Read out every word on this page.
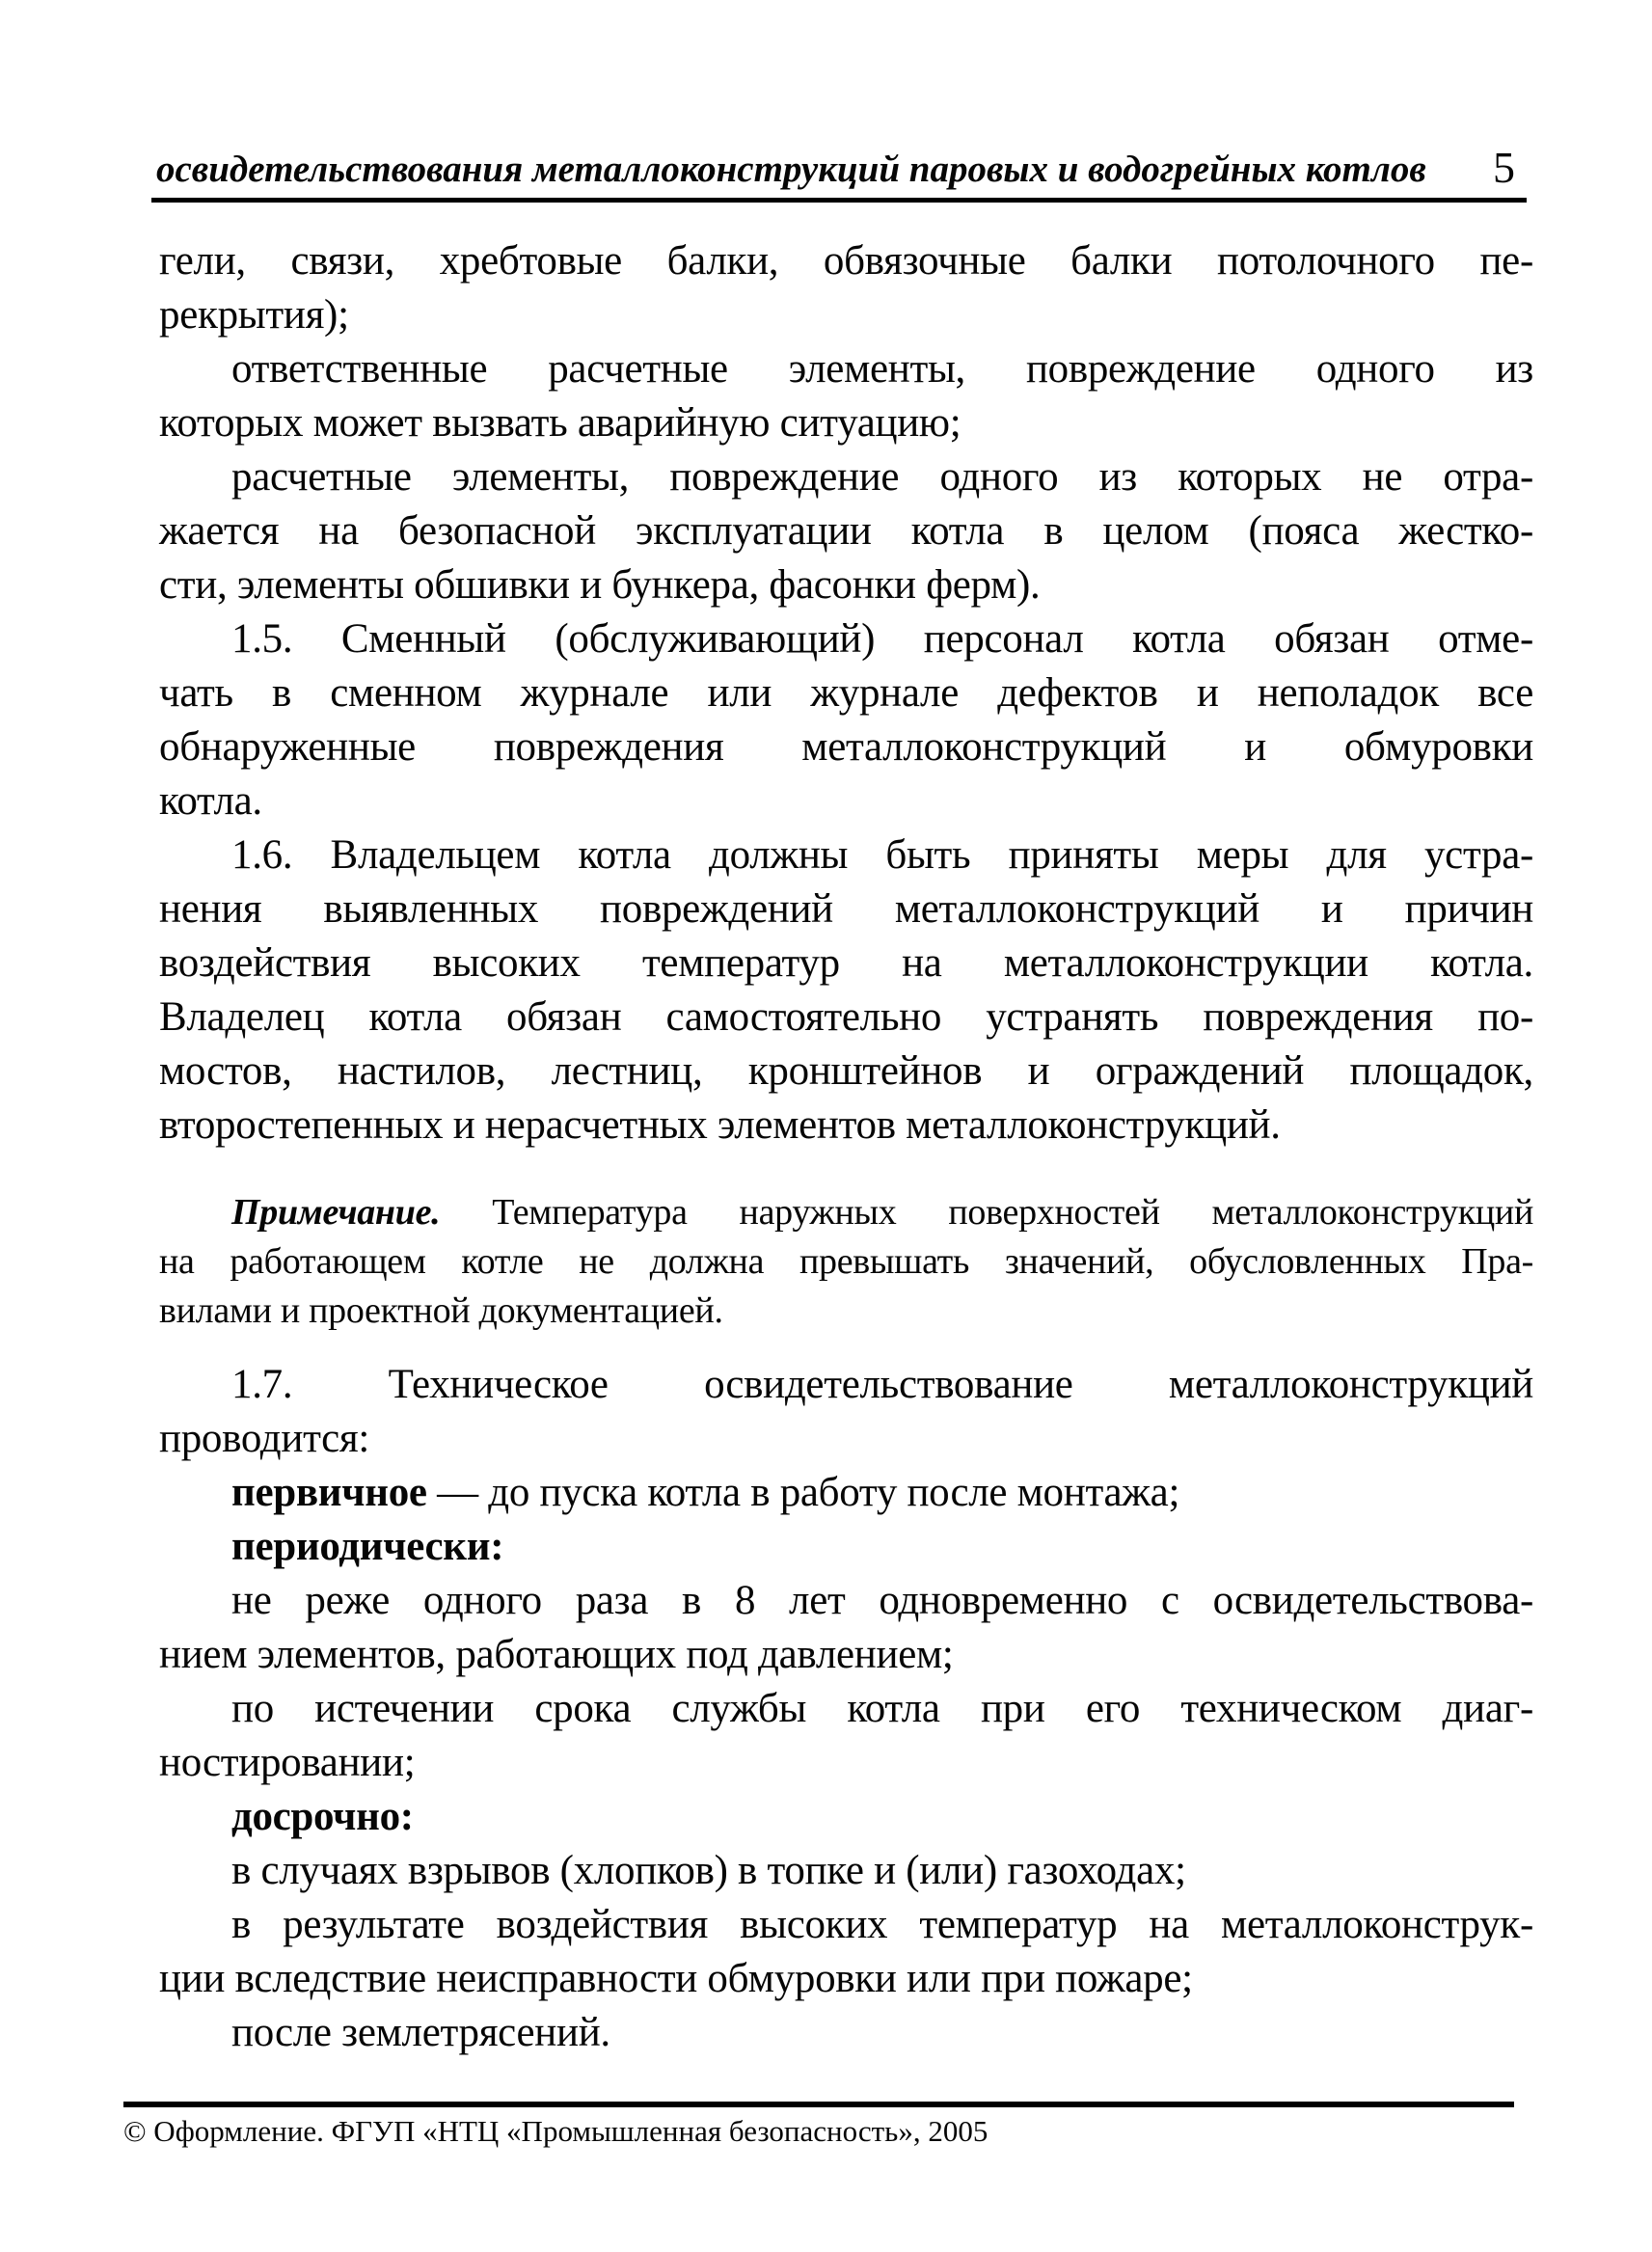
освидетельствования металлоконструкций паровых и водогрейных котлов 5
гели, связи, хребтовые балки, обвязочные балки потолочного пе-
рекрытия);
ответственные расчетные элементы, повреждение одного из
которых может вызвать аварийную ситуацию;
расчетные элементы, повреждение одного из которых не отра-
жается на безопасной эксплуатации котла в целом (пояса жестко-
сти, элементы обшивки и бункера, фасонки ферм).
1.5. Сменный (обслуживающий) персонал котла обязан отме-
чать в сменном журнале или журнале дефектов и неполадок все
обнаруженные повреждения металлоконструкций и обмуровки
котла.
1.6. Владельцем котла должны быть приняты меры для устра-
нения выявленных повреждений металлоконструкций и причин
воздействия высоких температур на металлоконструкции котла.
Владелец котла обязан самостоятельно устранять повреждения по-
мостов, настилов, лестниц, кронштейнов и ограждений площадок,
второстепенных и нерасчетных элементов металлоконструкций.
Примечание. Температура наружных поверхностей металлоконструкций
на работающем котле не должна превышать значений, обусловленных Пра-
вилами и проектной документацией.
1.7. Техническое освидетельствование металлоконструкций
проводится:
первичное — до пуска котла в работу после монтажа;
периодически:
не реже одного раза в 8 лет одновременно с освидетельствова-
нием элементов, работающих под давлением;
по истечении срока службы котла при его техническом диаг-
ностировании;
досрочно:
в случаях взрывов (хлопков) в топке и (или) газоходах;
в результате воздействия высоких температур на металлоконструк-
ции вследствие неисправности обмуровки или при пожаре;
после землетрясений.
© Оформление. ФГУП «НТЦ «Промышленная безопасность», 2005
